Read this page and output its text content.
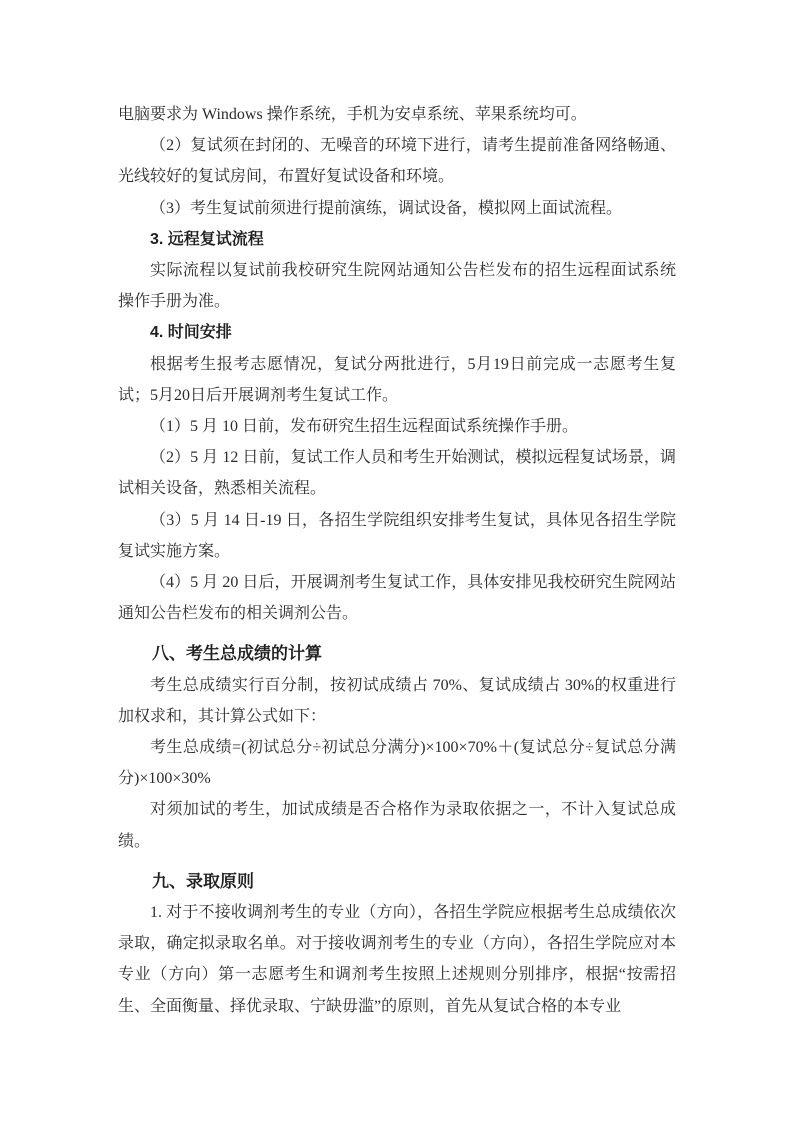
电脑要求为 Windows 操作系统，手机为安卓系统、苹果系统均可。

（2）复试须在封闭的、无噪音的环境下进行，请考生提前准备网络畅通、光线较好的复试房间，布置好复试设备和环境。

（3）考生复试前须进行提前演练，调试设备，模拟网上面试流程。

3. 远程复试流程

实际流程以复试前我校研究生院网站通知公告栏发布的招生远程面试系统操作手册为准。

4. 时间安排

根据考生报考志愿情况，复试分两批进行，5月19日前完成一志愿考生复试；5月20日后开展调剂考生复试工作。

（1）5 月 10 日前，发布研究生招生远程面试系统操作手册。

（2）5 月 12 日前，复试工作人员和考生开始测试，模拟远程复试场景，调试相关设备，熟悉相关流程。

（3）5 月 14 日-19 日，各招生学院组织安排考生复试，具体见各招生学院复试实施方案。

（4）5 月 20 日后，开展调剂考生复试工作，具体安排见我校研究生院网站通知公告栏发布的相关调剂公告。

八、考生总成绩的计算

考生总成绩实行百分制，按初试成绩占 70%、复试成绩占 30%的权重进行加权求和，其计算公式如下：

考生总成绩=(初试总分÷初试总分满分)×100×70%＋(复试总分÷复试总分满分)×100×30%

对须加试的考生，加试成绩是否合格作为录取依据之一，不计入复试总成绩。

九、录取原则

1. 对于不接收调剂考生的专业（方向），各招生学院应根据考生总成绩依次录取，确定拟录取名单。对于接收调剂考生的专业（方向），各招生学院应对本专业（方向）第一志愿考生和调剂考生按照上述规则分别排序，根据“按需招生、全面衡量、择优录取、宁缺毋滥”的原则，首先从复试合格的本专业
